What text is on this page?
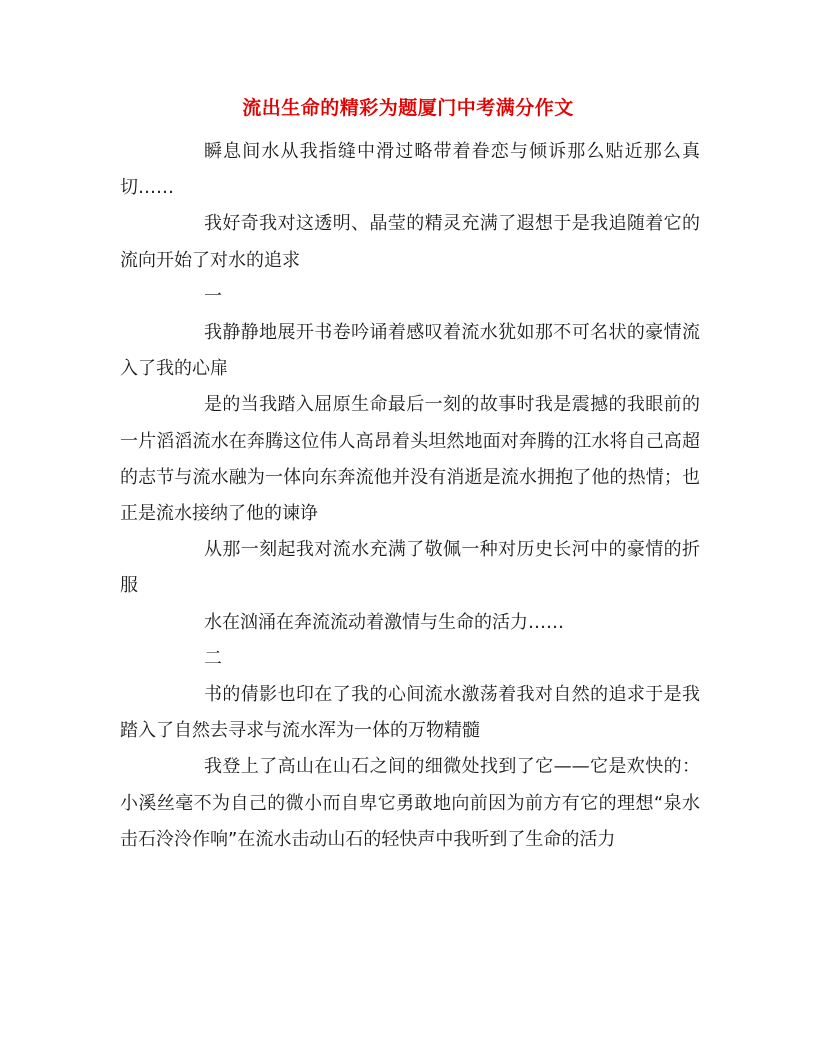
流出生命的精彩为题厦门中考满分作文

瞬息间水从我指缝中滑过略带着眷恋与倾诉那么贴近那么真切……

我好奇我对这透明、晶莹的精灵充满了遐想于是我追随着它的流向开始了对水的追求

一

我静静地展开书卷吟诵着感叹着流水犹如那不可名状的豪情流入了我的心扉

是的当我踏入屈原生命最后一刻的故事时我是震撼的我眼前的一片滔滔流水在奔腾这位伟人高昂着头坦然地面对奔腾的江水将自己高超的志节与流水融为一体向东奔流他并没有消逝是流水拥抱了他的热情；也正是流水接纳了他的谏诤

从那一刻起我对流水充满了敬佩一种对历史长河中的豪情的折服

水在汹涌在奔流流动着激情与生命的活力……

二

书的倩影也印在了我的心间流水激荡着我对自然的追求于是我踏入了自然去寻求与流水浑为一体的万物精髓

我登上了高山在山石之间的细微处找到了它——它是欢快的：小溪丝毫不为自己的微小而自卑它勇敢地向前因为前方有它的理想“泉水击石泠泠作响”在流水击动山石的轻快声中我听到了生命的活力
